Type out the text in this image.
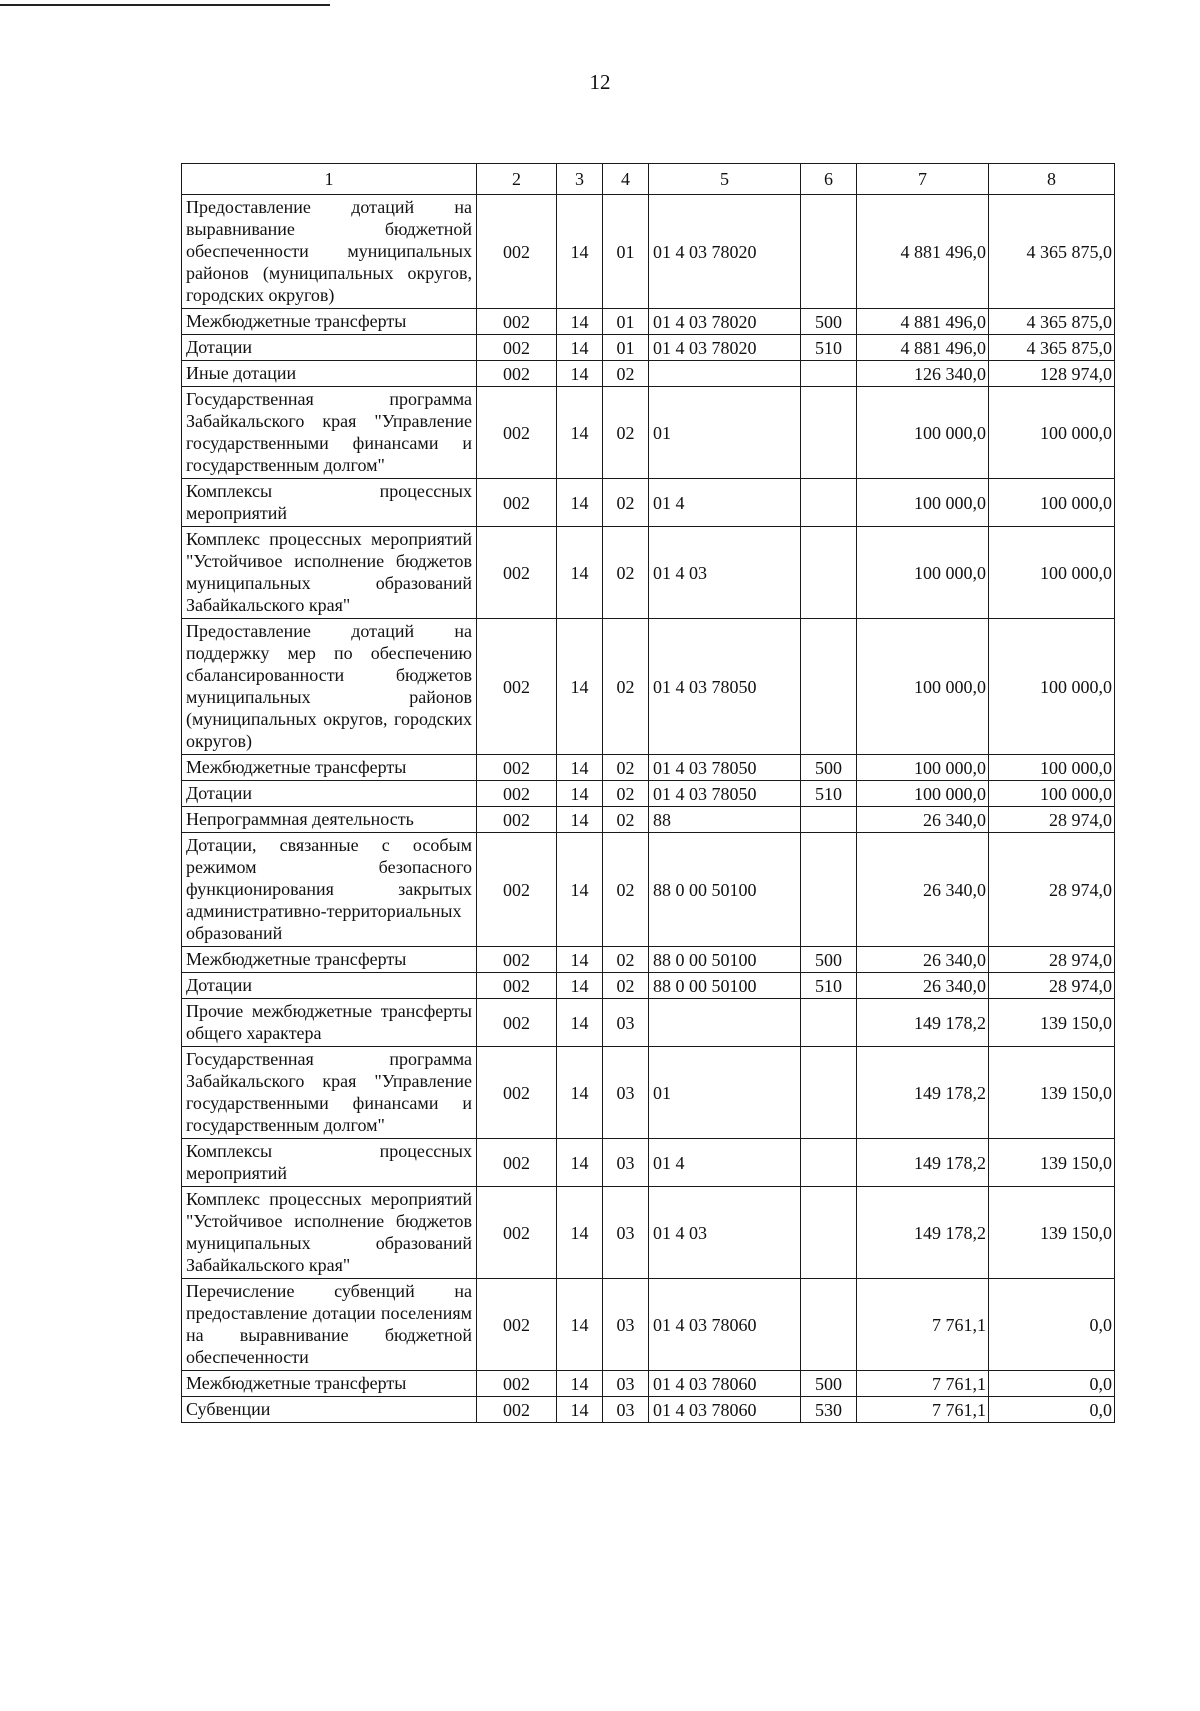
12
1	2	3	4	5	6	7	8
Предоставление дотаций на выравнивание бюджетной обеспеченности муниципальных районов (муниципальных округов, городских округов)	002	14	01	01 4 03 78020		4 881 496,0	4 365 875,0
Межбюджетные трансферты	002	14	01	01 4 03 78020	500	4 881 496,0	4 365 875,0
Дотации	002	14	01	01 4 03 78020	510	4 881 496,0	4 365 875,0
Иные дотации	002	14	02			126 340,0	128 974,0
Государственная программа Забайкальского края "Управление государственными финансами и государственным долгом"	002	14	02	01		100 000,0	100 000,0
Комплексы процессных мероприятий	002	14	02	01 4		100 000,0	100 000,0
Комплекс процессных мероприятий "Устойчивое исполнение бюджетов муниципальных образований Забайкальского края"	002	14	02	01 4 03		100 000,0	100 000,0
Предоставление дотаций на поддержку мер по обеспечению сбалансированности бюджетов муниципальных районов (муниципальных округов, городских округов)	002	14	02	01 4 03 78050		100 000,0	100 000,0
Межбюджетные трансферты	002	14	02	01 4 03 78050	500	100 000,0	100 000,0
Дотации	002	14	02	01 4 03 78050	510	100 000,0	100 000,0
Непрограммная деятельность	002	14	02	88		26 340,0	28 974,0
Дотации, связанные с особым режимом безопасного функционирования закрытых административно-территориальных образований	002	14	02	88 0 00 50100		26 340,0	28 974,0
Межбюджетные трансферты	002	14	02	88 0 00 50100	500	26 340,0	28 974,0
Дотации	002	14	02	88 0 00 50100	510	26 340,0	28 974,0
Прочие межбюджетные трансферты общего характера	002	14	03			149 178,2	139 150,0
Государственная программа Забайкальского края "Управление государственными финансами и государственным долгом"	002	14	03	01		149 178,2	139 150,0
Комплексы процессных мероприятий	002	14	03	01 4		149 178,2	139 150,0
Комплекс процессных мероприятий "Устойчивое исполнение бюджетов муниципальных образований Забайкальского края"	002	14	03	01 4 03		149 178,2	139 150,0
Перечисление субвенций на предоставление дотации поселениям на выравнивание бюджетной обеспеченности	002	14	03	01 4 03 78060		7 761,1	0,0
Межбюджетные трансферты	002	14	03	01 4 03 78060	500	7 761,1	0,0
Субвенции	002	14	03	01 4 03 78060	530	7 761,1	0,0
